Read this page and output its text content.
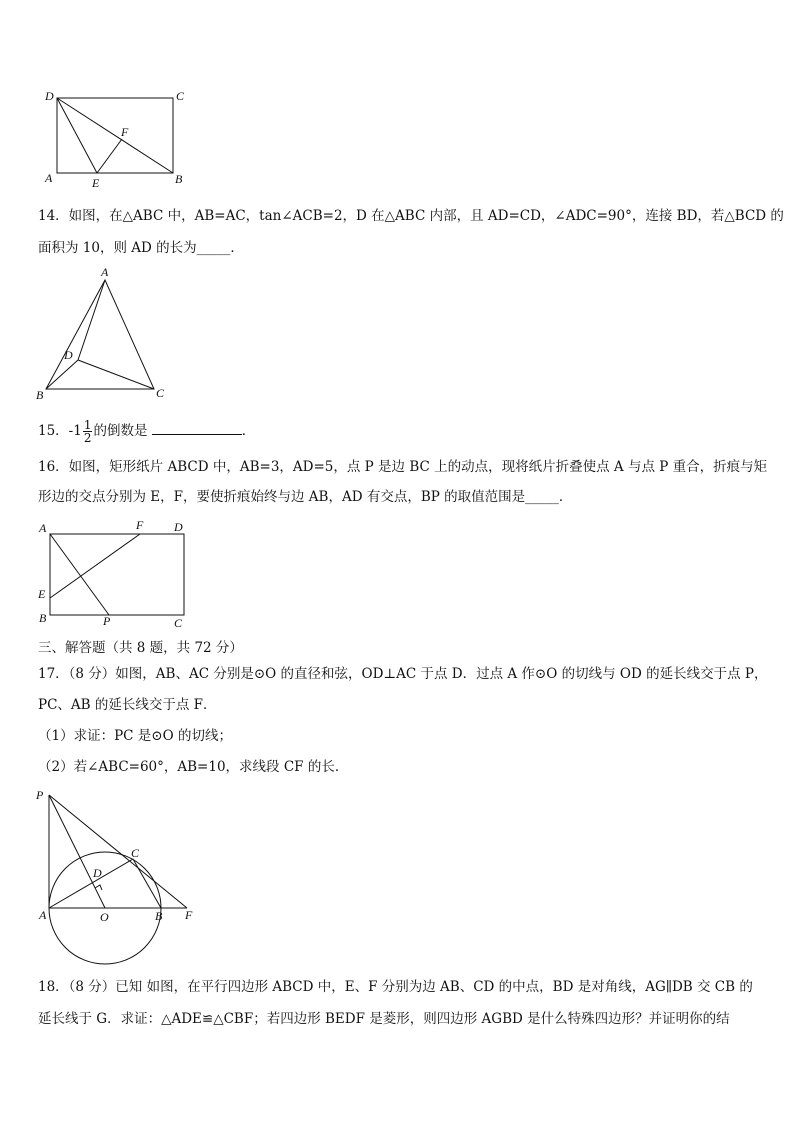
D	C
A	E	B
F
14．如图，在△ABC 中，AB=AC，tan∠ACB=2，D 在△ABC 内部，且 AD=CD，∠ADC=90°，连接 BD，若△BCD 的
面积为 10，则 AD 的长为_____．
A
D
B	C
15．$-1 \frac{1}{2}$ 的倒数是	．
16．如图，矩形纸片 ABCD 中，AB=3，AD=5，点 P 是边 BC 上的动点，现将纸片折叠使点 A 与点 P 重合，折痕与矩
形边的交点分别为 E，F，要使折痕始终与边 AB，AD 有交点，BP 的取值范围是_____．
A	F	D
E
B	P	C
三、解答题（共 8 题，共 72 分）
17．（8 分）如图，AB、AC 分别是⊙O 的直径和弦，OD⊥AC 于点 D．过点 A 作⊙O 的切线与 OD 的延长线交于点 P，
PC、AB 的延长线交于点 F．
（1）求证：PC 是⊙O 的切线；
（2）若∠ABC=60°，AB=10，求线段 CF 的长．
P
C
D
A	O	B F
18．（8 分）已知 如图，在平行四边形 ABCD 中，E、F 分别为边 AB、CD 的中点，BD 是对角线，AG∥DB 交 CB 的
延长线于 G．求证：△ADE≌△CBF；若四边形 BEDF 是菱形，则四边形 AGBD 是什么特殊四边形？并证明你的结
